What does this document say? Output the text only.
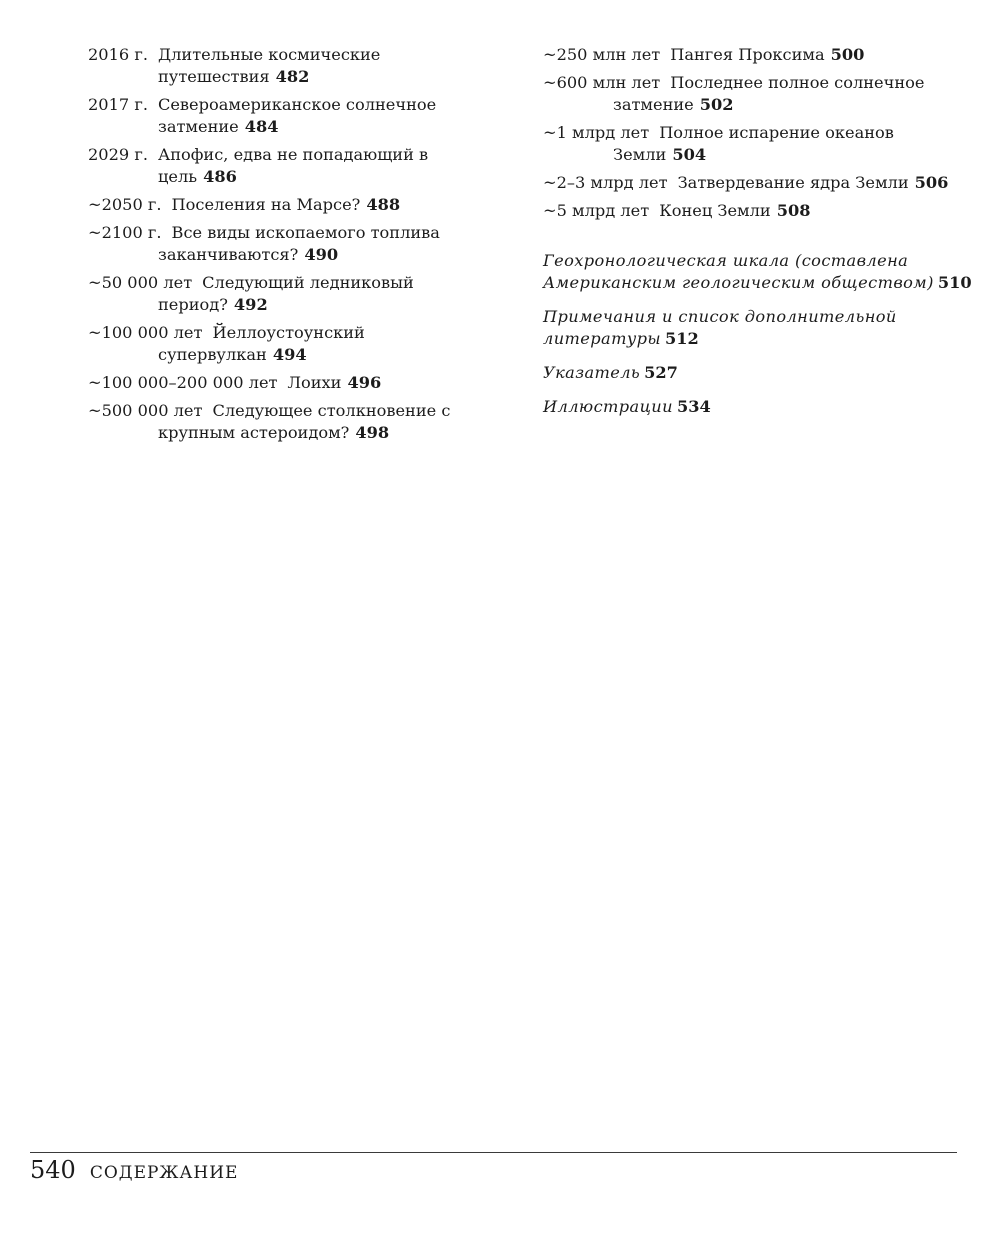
2016 г. Длительные космические путешествия 482
2017 г. Североамериканское солнечное затмение 484
2029 г. Апофис, едва не попадающий в цель 486
~2050 г. Поселения на Марсе? 488
~2100 г. Все виды ископаемого топлива заканчиваются? 490
~50 000 лет Следующий ледниковый период? 492
~100 000 лет Йеллоустоунский супервулкан 494
~100 000–200 000 лет Лоихи 496
~500 000 лет Следующее столкновение с крупным астероидом? 498
~250 млн лет Пангея Проксима 500
~600 млн лет Последнее полное солнечное затмение 502
~1 млрд лет Полное испарение океанов Земли 504
~2–3 млрд лет Затвердевание ядра Земли 506
~5 млрд лет Конец Земли 508
Геохронологическая шкала (составлена Американским геологическим обществом) 510
Примечания и список дополнительной литературы 512
Указатель 527
Иллюстрации 534
540 СОДЕРЖАНИЕ
